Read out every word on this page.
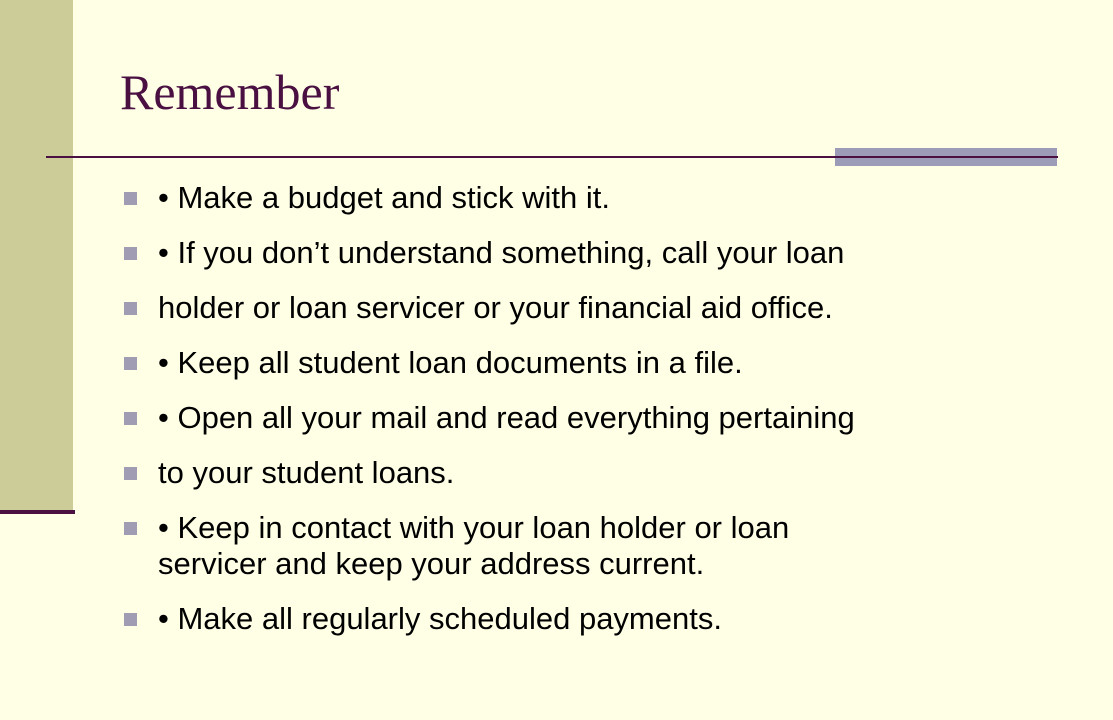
Remember
• Make a budget and stick with it.
• If you don’t understand something, call your loan
holder or loan servicer or your financial aid office.
• Keep all student loan documents in a file.
• Open all your mail and read everything pertaining
to your student loans.
• Keep in contact with your loan holder or loan
servicer and keep your address current.
• Make all regularly scheduled payments.
